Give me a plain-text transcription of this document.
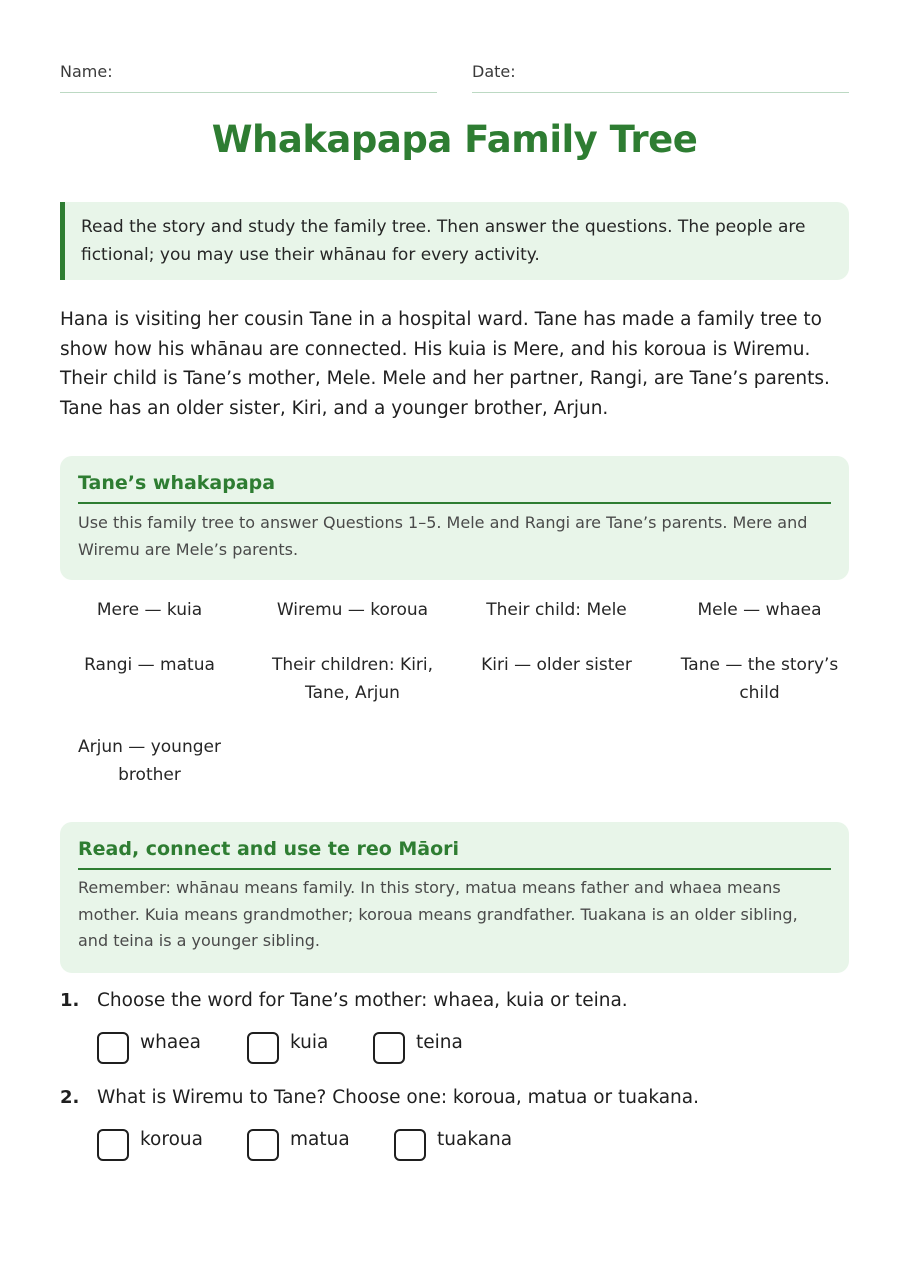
Name:	Date:
Whakapapa Family Tree
Read the story and study the family tree. Then answer the questions. The people are fictional; you may use their whānau for every activity.
Hana is visiting her cousin Tane in a hospital ward. Tane has made a family tree to show how his whānau are connected. His kuia is Mere, and his koroua is Wiremu. Their child is Tane’s mother, Mele. Mele and her partner, Rangi, are Tane’s parents. Tane has an older sister, Kiri, and a younger brother, Arjun.
Tane’s whakapapa

Use this family tree to answer Questions 1–5. Mele and Rangi are Tane’s parents. Mere and Wiremu are Mele’s parents.

Mere — kuia	Wiremu — koroua	Their child: Mele	Mele — whaea
Rangi — matua	Their children: Kiri, Tane, Arjun
Kiri — older sister	Tane — the story’s child
Arjun — younger brother
Read, connect and use te reo Māori

Remember: whānau means family. In this story, matua means father and whaea means mother. Kuia means grandmother; koroua means grandfather. Tuakana is an older sibling, and teina is a younger sibling.

1. Choose the word for Tane’s mother: whaea, kuia or teina.
whaea	kuia	teina
2. What is Wiremu to Tane? Choose one: koroua, matua or tuakana.
koroua	matua	tuakana
